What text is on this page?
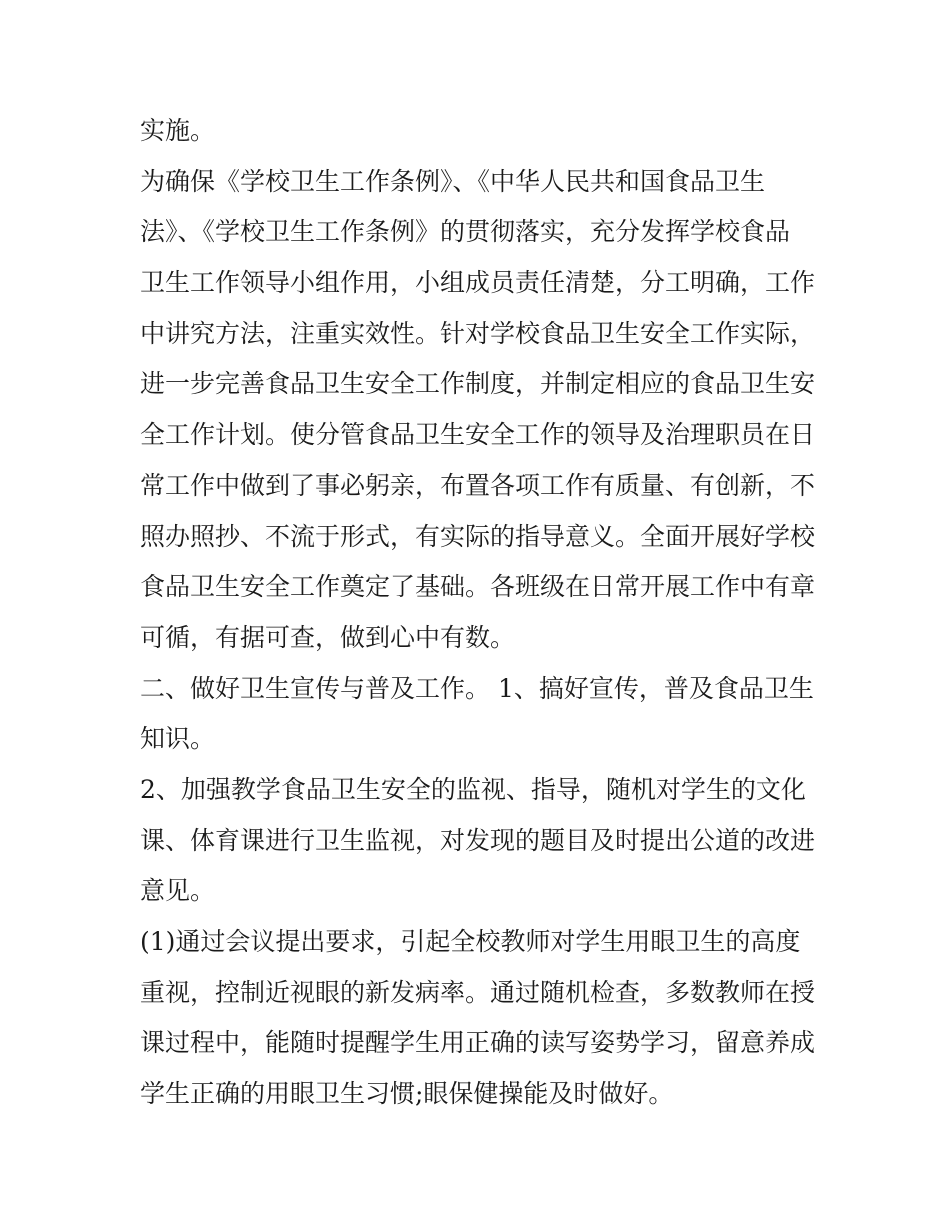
实施。
为确保《学校卫生工作条例》、《中华人民共和国食品卫生
法》、《学校卫生工作条例》的贯彻落实，充分发挥学校食品
卫生工作领导小组作用，小组成员责任清楚，分工明确，工作
中讲究方法，注重实效性。针对学校食品卫生安全工作实际，
进一步完善食品卫生安全工作制度，并制定相应的食品卫生安
全工作计划。使分管食品卫生安全工作的领导及治理职员在日
常工作中做到了事必躬亲，布置各项工作有质量、有创新，不
照办照抄、不流于形式，有实际的指导意义。全面开展好学校
食品卫生安全工作奠定了基础。各班级在日常开展工作中有章
可循，有据可查，做到心中有数。
二、做好卫生宣传与普及工作。 1、搞好宣传，普及食品卫生
知识。
2、加强教学食品卫生安全的监视、指导，随机对学生的文化
课、体育课进行卫生监视，对发现的题目及时提出公道的改进
意见。
(1)通过会议提出要求，引起全校教师对学生用眼卫生的高度
重视，控制近视眼的新发病率。通过随机检查，多数教师在授
课过程中，能随时提醒学生用正确的读写姿势学习，留意养成
学生正确的用眼卫生习惯;眼保健操能及时做好。
